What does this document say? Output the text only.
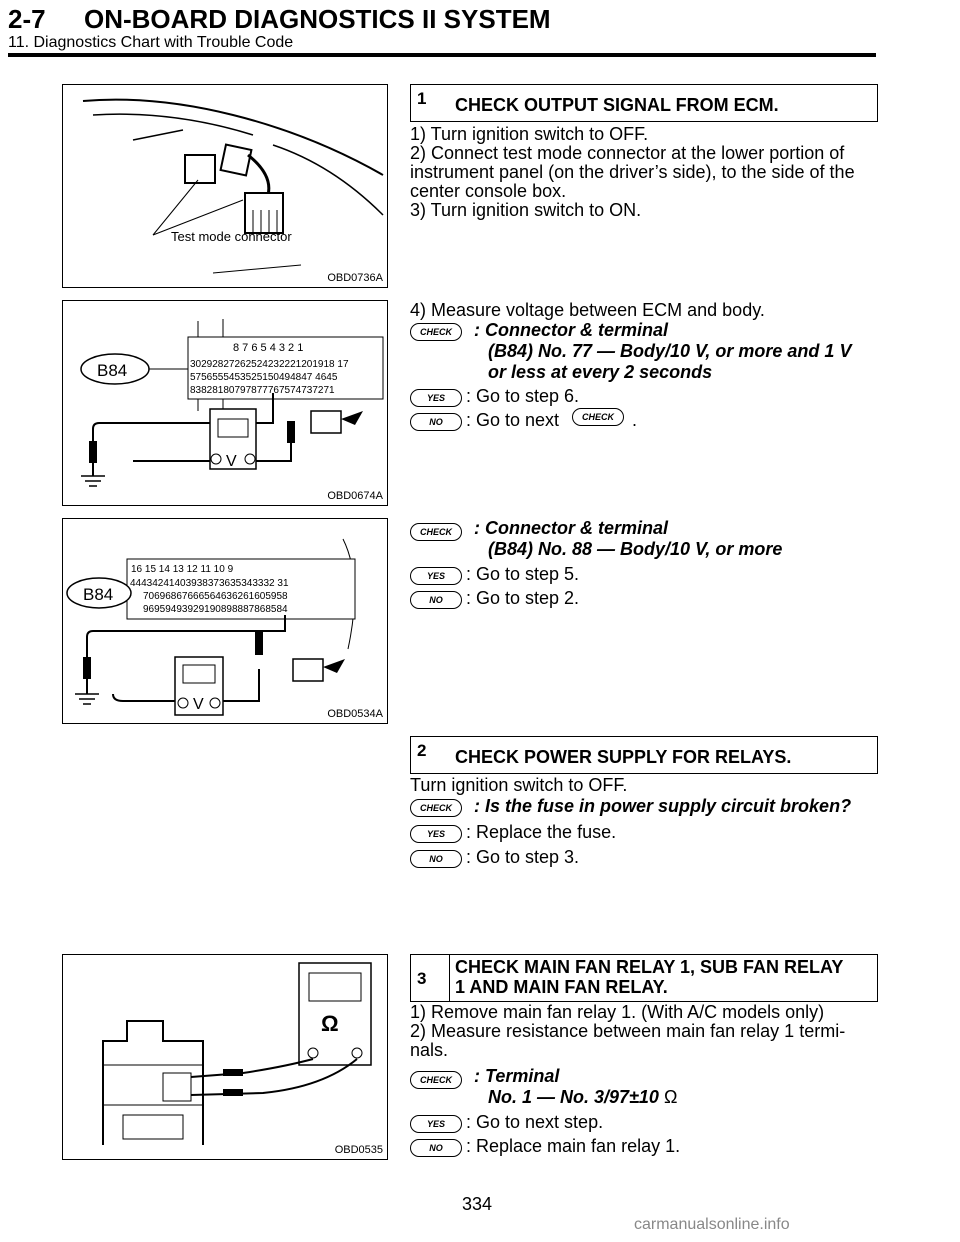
2-7 ON-BOARD DIAGNOSTICS II SYSTEM
11. Diagnostics Chart with Trouble Code
Test mode connector
OBD0736A
1 CHECK OUTPUT SIGNAL FROM ECM.
1) Turn ignition switch to OFF.
2) Connect test mode connector at the lower portion of
instrument panel (on the driver’s side), to the side of the
center console box.
3) Turn ignition switch to ON.
B84
8 7 6 5 4 3 2 1
30292827262524232221201918 17
5756555453525150494847 4645
83828180797877767574737271
V
OBD0674A
4) Measure voltage between ECM and body.
CHECK	: Connector & terminal
(B84) No. 77 — Body/10 V, or more and 1 V
or less at every 2 seconds
YES	: Go to step 6.
NO	: Go to next	CHECK	.
B84
16 15 14 13 12 11 10 9
44434241403938373635343332 31
70696867666564636261605958
96959493929190898887868584
V
OBD0534A
CHECK	: Connector & terminal
(B84) No. 88 — Body/10 V, or more
YES	: Go to step 5.
NO	: Go to step 2.
2 CHECK POWER SUPPLY FOR RELAYS.
Turn ignition switch to OFF.
CHECK	: Is the fuse in power supply circuit broken?
YES	: Replace the fuse.
NO	: Go to step 3.
Ω
OBD0535
3
CHECK MAIN FAN RELAY 1, SUB FAN RELAY
1 AND MAIN FAN RELAY.
1) Remove main fan relay 1. (With A/C models only)
2) Measure resistance between main fan relay 1 termi-
nals.
CHECK	: Terminal
No. 1 — No. 3/97±10 Ω
YES	: Go to next step.
NO	: Replace main fan relay 1.
334
carmanualsonline.info
